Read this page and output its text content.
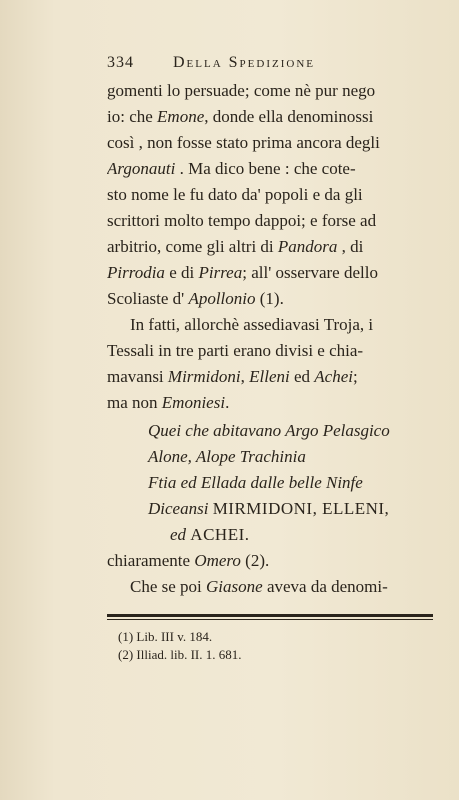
334 Della Spedizione
gomenti lo persuade; come nè pur nego
io: che Emone, donde ella denominossi
così , non fosse stato prima ancora degli
Argonauti . Ma dico bene : che cote-
sto nome le fu dato da' popoli e da gli
scrittori molto tempo dappoi; e forse ad
arbitrio, come gli altri di Pandora , di
Pirrodia e di Pirrea; all' osservare dello
Scoliaste d' Apollonio (1).
In fatti, allorchè assediavasi Troja, i
Tessali in tre parti erano divisi e chia-
mavansi Mirmidoni, Elleni ed Achei;
ma non Emoniesi.
Quei che abitavano Argo Pelasgico
Alone, Alope Trachinia
Ftia ed Ellada dalle belle Ninfe
Diceansi MIRMIDONI, ELLENI,
ed ACHEI.
chiaramente Omero (2).
Che se poi Giasone aveva da denomi-
(1) Lib. III v. 184.
(2) Illiad. lib. II. 1. 681.
